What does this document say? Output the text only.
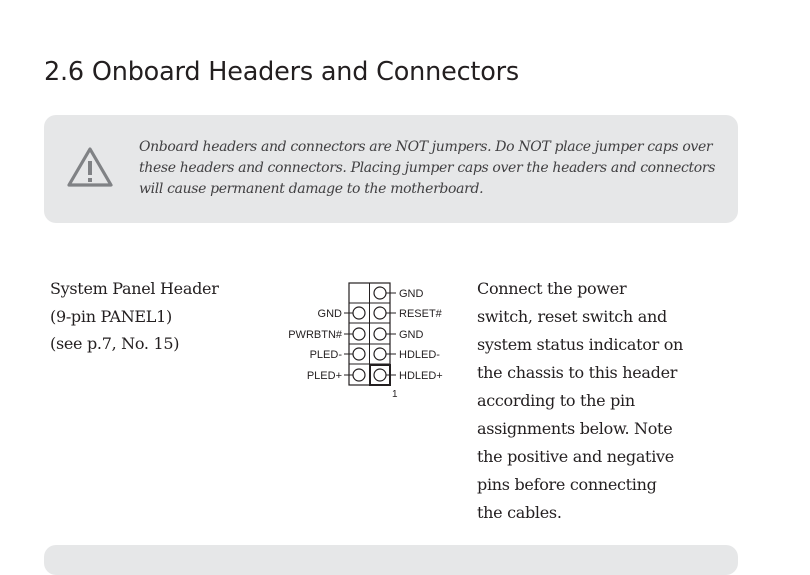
2.6 Onboard Headers and Connectors
Onboard headers and connectors are NOT jumpers. Do NOT place jumper caps over
these headers and connectors. Placing jumper caps over the headers and connectors
will cause permanent damage to the motherboard.
System Panel Header
(9-pin PANEL1)
(see p.7, No. 15)
GND
PWRBTN#
PLED-
PLED+
GND
RESET#
GND
HDLED-
HDLED+
1
Connect the power
switch, reset switch and
system status indicator on
the chassis to this header
according to the pin
assignments below. Note
the positive and negative
pins before connecting
the cables.
